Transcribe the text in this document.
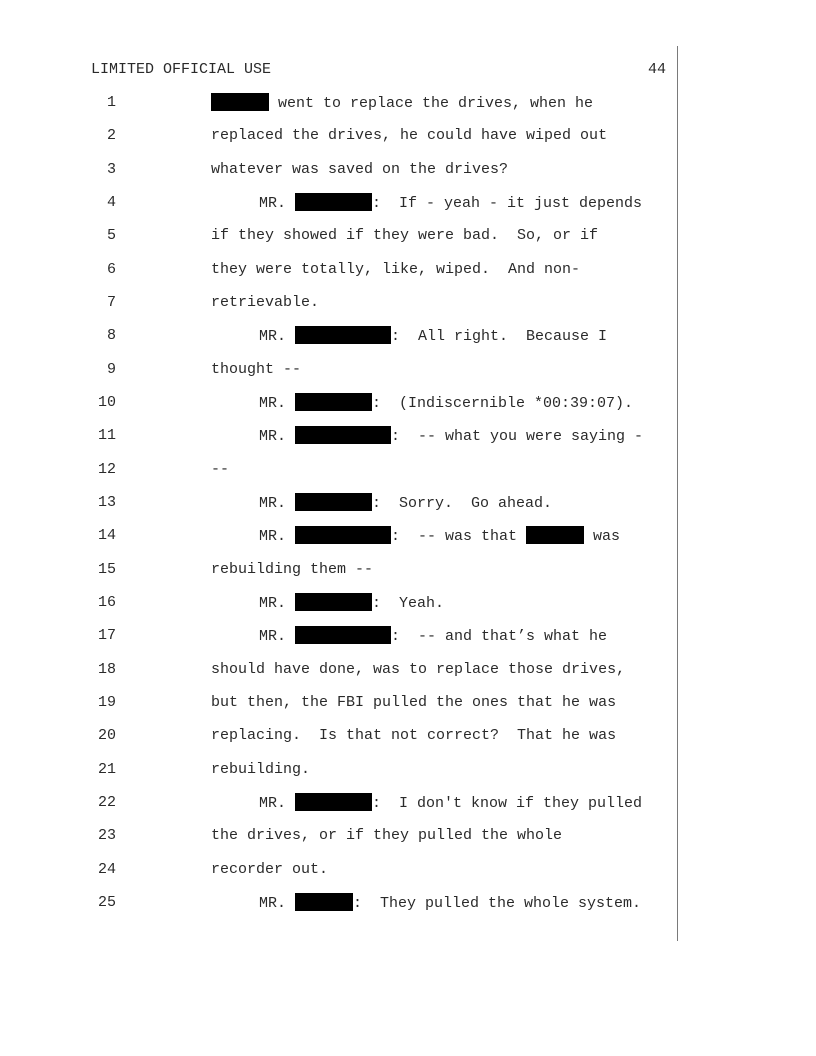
LIMITED OFFICIAL USE	44
1	went to replace the drives, when he
2	replaced the drives, he could have wiped out
3	whatever was saved on the drives?
4	MR.	:  If - yeah - it just depends
5	if they showed if they were bad.  So, or if
6	they were totally, like, wiped.  And non-
7	retrievable.
8	MR.	:  All right.  Because I
9	thought --
10	MR.	:  (Indiscernible *00:39:07).
11	MR.	:  -- what you were saying -
12	--
13	MR.	:  Sorry.  Go ahead.
14	MR.	:  -- was that	was
15	rebuilding them --
16	MR.	:  Yeah.
17	MR.	:  -- and that’s what he
18	should have done, was to replace those drives,
19	but then, the FBI pulled the ones that he was
20	replacing.  Is that not correct?  That he was
21	rebuilding.
22	MR.	:  I don't know if they pulled
23	the drives, or if they pulled the whole
24	recorder out.
25	MR.	:  They pulled the whole system.
